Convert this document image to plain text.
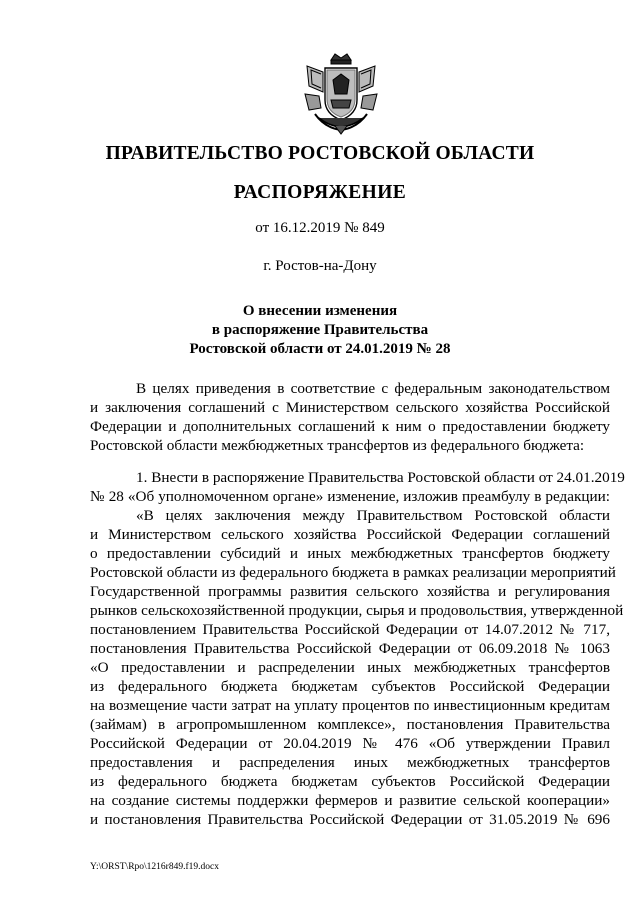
ПРАВИТЕЛЬСТВО РОСТОВСКОЙ ОБЛАСТИ
РАСПОРЯЖЕНИЕ
от 16.12.2019 № 849
г. Ростов-на-Дону
О внесении изменения
в распоряжение Правительства
Ростовской области от 24.01.2019 № 28
В целях приведения в соответствие с федеральным законодательством
и заключения соглашений с Министерством сельского хозяйства Российской
Федерации и дополнительных соглашений к ним о предоставлении бюджету
Ростовской области межбюджетных трансфертов из федерального бюджета:
1. Внести в распоряжение Правительства Ростовской области от 24.01.2019
№ 28 «Об уполномоченном органе» изменение, изложив преамбулу в редакции:
«В целях заключения между Правительством Ростовской области
и Министерством сельского хозяйства Российской Федерации соглашений
о предоставлении субсидий и иных межбюджетных трансфертов бюджету
Ростовской области из федерального бюджета в рамках реализации мероприятий
Государственной программы развития сельского хозяйства и регулирования
рынков сельскохозяйственной продукции, сырья и продовольствия, утвержденной
постановлением Правительства Российской Федерации от 14.07.2012 № 717,
постановления Правительства Российской Федерации от 06.09.2018 № 1063
«О предоставлении и распределении иных межбюджетных трансфертов
из федерального бюджета бюджетам субъектов Российской Федерации
на возмещение части затрат на уплату процентов по инвестиционным кредитам
(займам) в агропромышленном комплексе», постановления Правительства
Российской Федерации от 20.04.2019 № 476 «Об утверждении Правил
предоставления и распределения иных межбюджетных трансфертов
из федерального бюджета бюджетам субъектов Российской Федерации
на создание системы поддержки фермеров и развитие сельской кооперации»
и постановления Правительства Российской Федерации от 31.05.2019 № 696
Y:\ORST\Rpo\1216r849.f19.docx
